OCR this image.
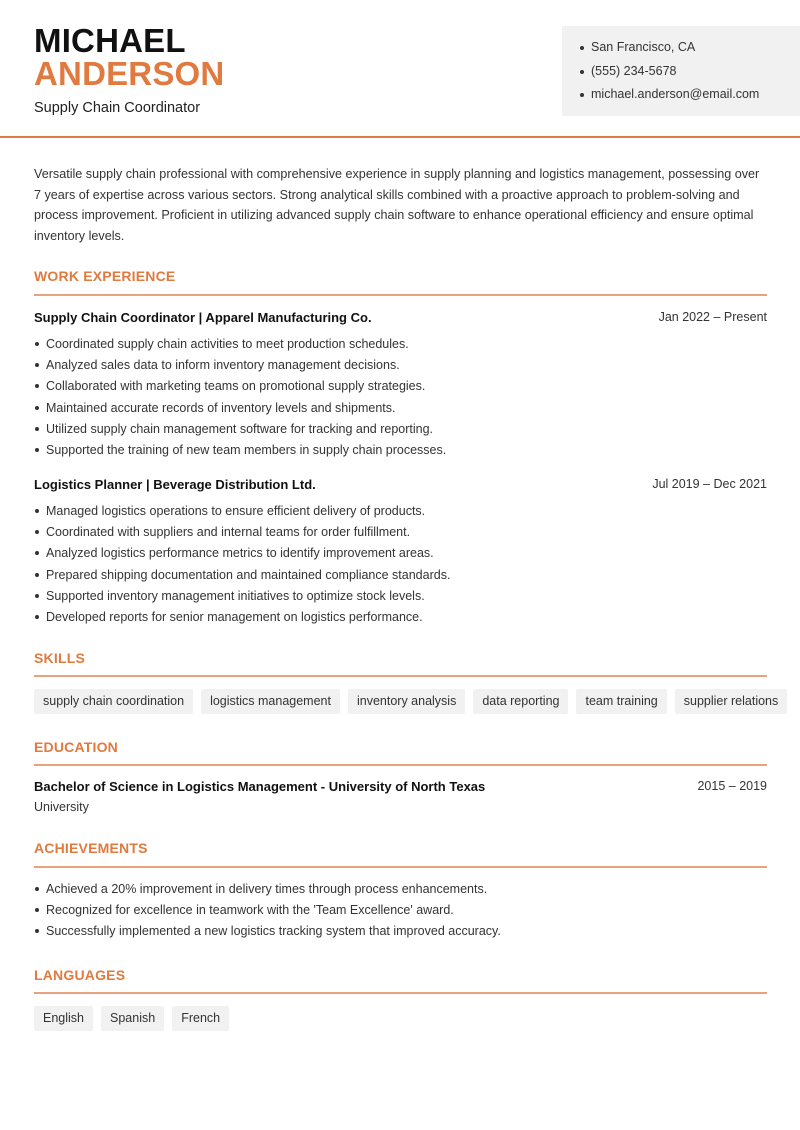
MICHAEL
ANDERSON
Supply Chain Coordinator
San Francisco, CA
(555) 234-5678
michael.anderson@email.com
Versatile supply chain professional with comprehensive experience in supply planning and logistics management, possessing over 7 years of expertise across various sectors. Strong analytical skills combined with a proactive approach to problem-solving and process improvement. Proficient in utilizing advanced supply chain software to enhance operational efficiency and ensure optimal inventory levels.
WORK EXPERIENCE
Supply Chain Coordinator | Apparel Manufacturing Co.	Jan 2022 – Present
Coordinated supply chain activities to meet production schedules.
Analyzed sales data to inform inventory management decisions.
Collaborated with marketing teams on promotional supply strategies.
Maintained accurate records of inventory levels and shipments.
Utilized supply chain management software for tracking and reporting.
Supported the training of new team members in supply chain processes.
Logistics Planner | Beverage Distribution Ltd.	Jul 2019 – Dec 2021
Managed logistics operations to ensure efficient delivery of products.
Coordinated with suppliers and internal teams for order fulfillment.
Analyzed logistics performance metrics to identify improvement areas.
Prepared shipping documentation and maintained compliance standards.
Supported inventory management initiatives to optimize stock levels.
Developed reports for senior management on logistics performance.
SKILLS
supply chain coordination	logistics management	inventory analysis	data reporting	team training	supplier relations
EDUCATION
Bachelor of Science in Logistics Management - University of North Texas	2015 – 2019
University
ACHIEVEMENTS
Achieved a 20% improvement in delivery times through process enhancements.
Recognized for excellence in teamwork with the 'Team Excellence' award.
Successfully implemented a new logistics tracking system that improved accuracy.
LANGUAGES
English	Spanish	French
